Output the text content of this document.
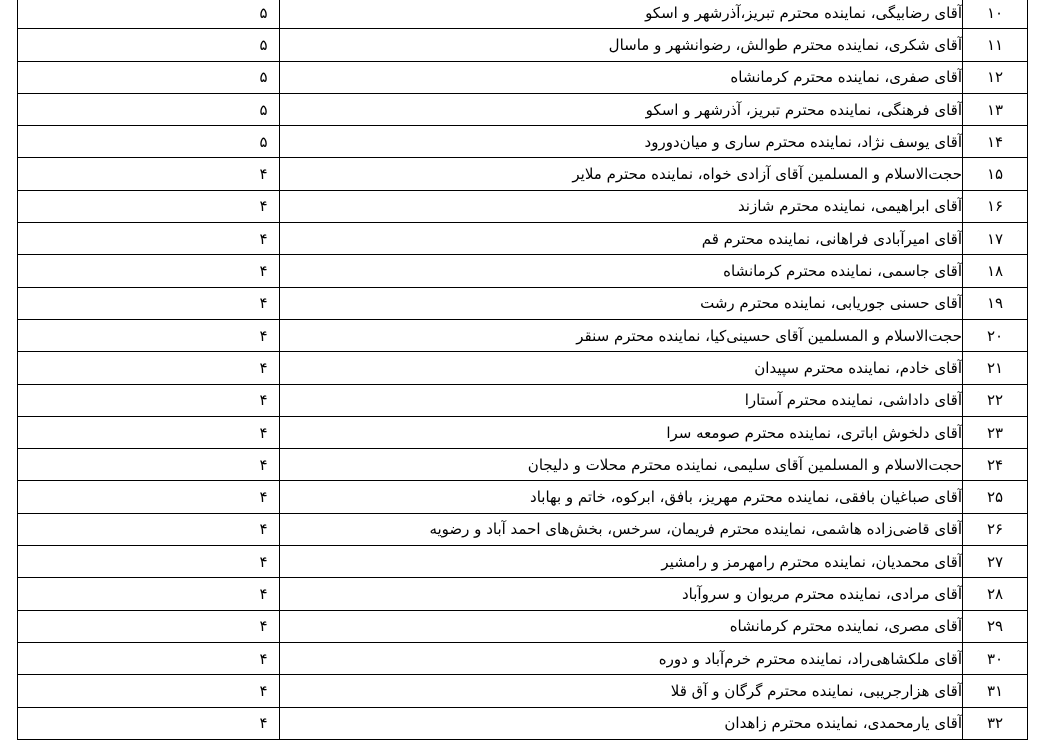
۱۰	آقای رضابیگی، نماینده محترم تبریز،آذرشهر و اسکو	۵
۱۱	آقای شکری، نماینده محترم طوالش، رضوانشهر و ماسال	۵
۱۲	آقای صفری، نماینده محترم کرمانشاه	۵
۱۳	آقای فرهنگی، نماینده محترم تبریز، آذرشهر و اسکو	۵
۱۴	آقای یوسف نژاد، نماینده محترم ساری و میان‌دورود	۵
۱۵	حجت‌الاسلام و المسلمین آقای آزادی خواه، نماینده محترم ملایر	۴
۱۶	آقای ابراهیمی، نماینده محترم شازند	۴
۱۷	آقای امیرآبادی فراهانی، نماینده محترم قم	۴
۱۸	آقای جاسمی، نماینده محترم کرمانشاه	۴
۱۹	آقای حسنی جوریابی، نماینده محترم رشت	۴
۲۰	حجت‌الاسلام و المسلمین آقای حسینی‌کیا، نماینده محترم سنقر	۴
۲۱	آقای خادم، نماینده محترم سپیدان	۴
۲۲	آقای داداشی، نماینده محترم آستارا	۴
۲۳	آقای دلخوش اباتری، نماینده محترم صومعه سرا	۴
۲۴	حجت‌الاسلام و المسلمین آقای سلیمی، نماینده محترم محلات و دلیجان	۴
۲۵	آقای صباغیان بافقی، نماینده محترم مهریز، بافق، ابرکوه، خاتم و بهاباد	۴
۲۶	آقای قاضی‌زاده هاشمی، نماینده محترم فریمان، سرخس، بخش‌های احمد آباد و رضویه	۴
۲۷	آقای محمدیان، نماینده محترم رامهرمز و رامشیر	۴
۲۸	آقای مرادی، نماینده محترم مریوان و سروآباد	۴
۲۹	آقای مصری، نماینده محترم کرمانشاه	۴
۳۰	آقای ملکشاهی‌راد، نماینده محترم خرم‌آباد و دوره	۴
۳۱	آقای هزارجریبی، نماینده محترم گرگان و آق قلا	۴
۳۲	آقای یارمحمدی، نماینده محترم زاهدان	۴
